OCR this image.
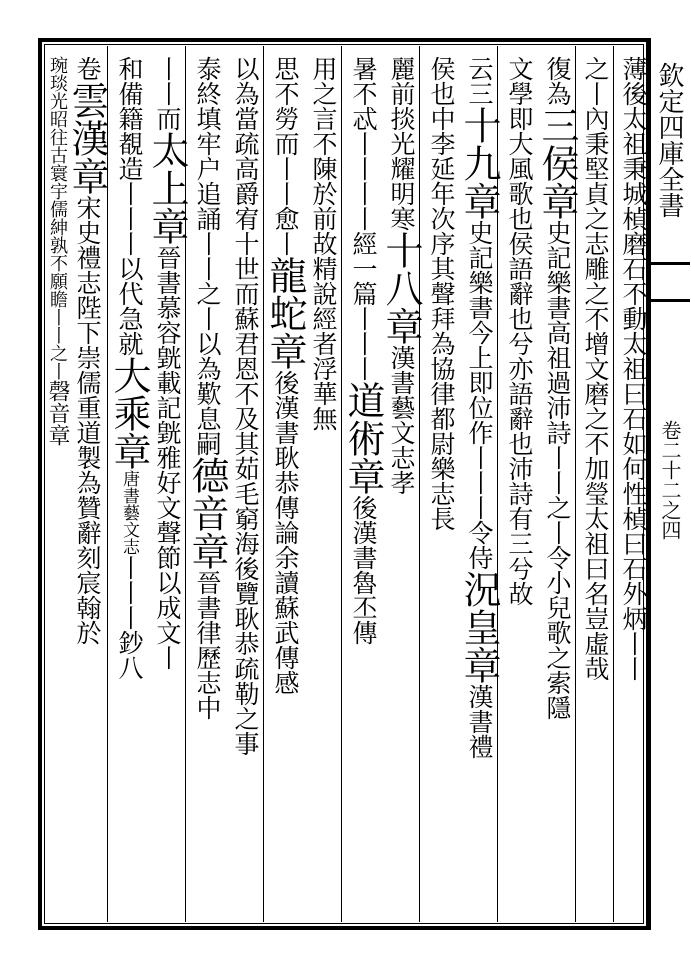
欽定四庫全書
卷二十二之四
薄後太祖秉城楨磨石不動太祖曰石如何性楨曰石外炳丨丨
之丨內秉堅貞之志雕之不增文磨之不加瑩太祖曰名豈虛哉
復為三侯章史記樂書高祖過沛詩丨丨之丨令小兒歌之索隱
文學即大風歌也侯語辭也兮亦語辭也沛詩有三兮故
云三十九章史記樂書今上即位作丨丨丨令侍況皇章漢書禮
侯也中李延年次序其聲拜為協律都尉樂志長
麗前掞光耀明寒十八章漢書藝文志孝
暑不忒丨丨丨丨經一篇丨丨丨道術章後漢書魯丕傳
用之言不陳於前故精說經者浮華無
思不勞而丨丨愈丨龍蛇章後漢書耿恭傳論余讀蘇武傳感
以為當疏高爵宥十世而蘇君恩不及其茹毛窮海後覽耿恭疏勒之事
泰終填牢户追誦丨丨之丨以為歎息嗣德音章晉書律歷志中
丨丨而太上章晉書慕容皝載記皝雅好文聲節以成文丨
和備籍覩造丨丨丨以代急就大乘章唐書藝文志丨丨丨鈔八
卷雲漢章宋史禮志陛下崇儒重道製為贊辭刻宸翰於
琬琰光昭往古寰宇儒紳孰不願瞻丨丨之丨磬音章
